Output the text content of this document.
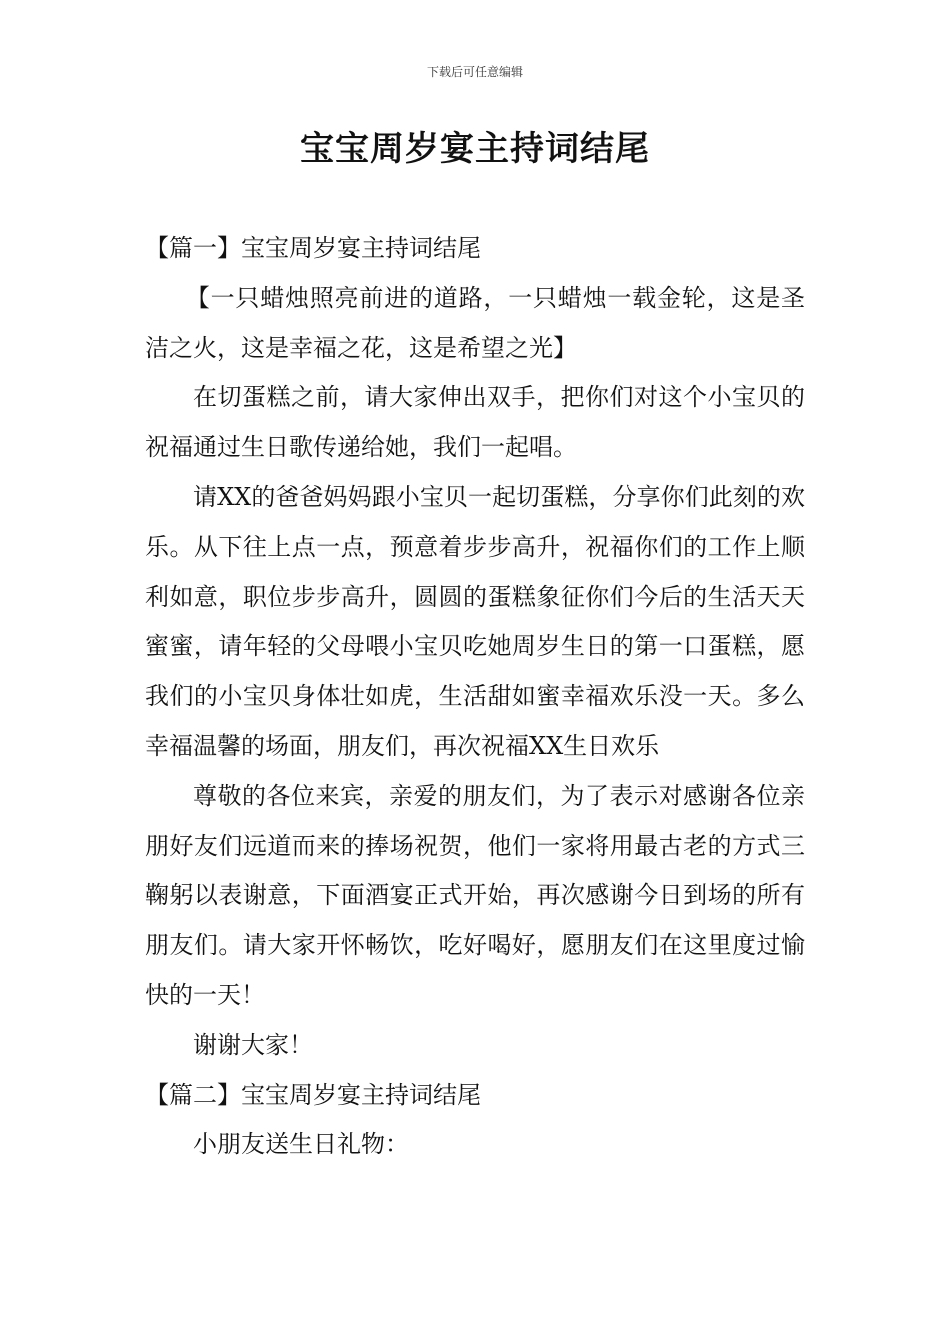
下载后可任意编辑
宝宝周岁宴主持词结尾

【篇一】宝宝周岁宴主持词结尾

【一只蜡烛照亮前进的道路，一只蜡烛一载金轮，这是圣洁之火，这是幸福之花，这是希望之光】

在切蛋糕之前，请大家伸出双手，把你们对这个小宝贝的祝福通过生日歌传递给她，我们一起唱。

请XX的爸爸妈妈跟小宝贝一起切蛋糕，分享你们此刻的欢乐。从下往上点一点，预意着步步高升，祝福你们的工作上顺利如意，职位步步高升，圆圆的蛋糕象征你们今后的生活天天蜜蜜，请年轻的父母喂小宝贝吃她周岁生日的第一口蛋糕，愿我们的小宝贝身体壮如虎，生活甜如蜜幸福欢乐没一天。多么幸福温馨的场面，朋友们，再次祝福XX生日欢乐

尊敬的各位来宾，亲爱的朋友们，为了表示对感谢各位亲朋好友们远道而来的捧场祝贺，他们一家将用最古老的方式三鞠躬以表谢意，下面酒宴正式开始，再次感谢今日到场的所有朋友们。请大家开怀畅饮，吃好喝好，愿朋友们在这里度过愉快的一天！

谢谢大家！

【篇二】宝宝周岁宴主持词结尾

小朋友送生日礼物：
